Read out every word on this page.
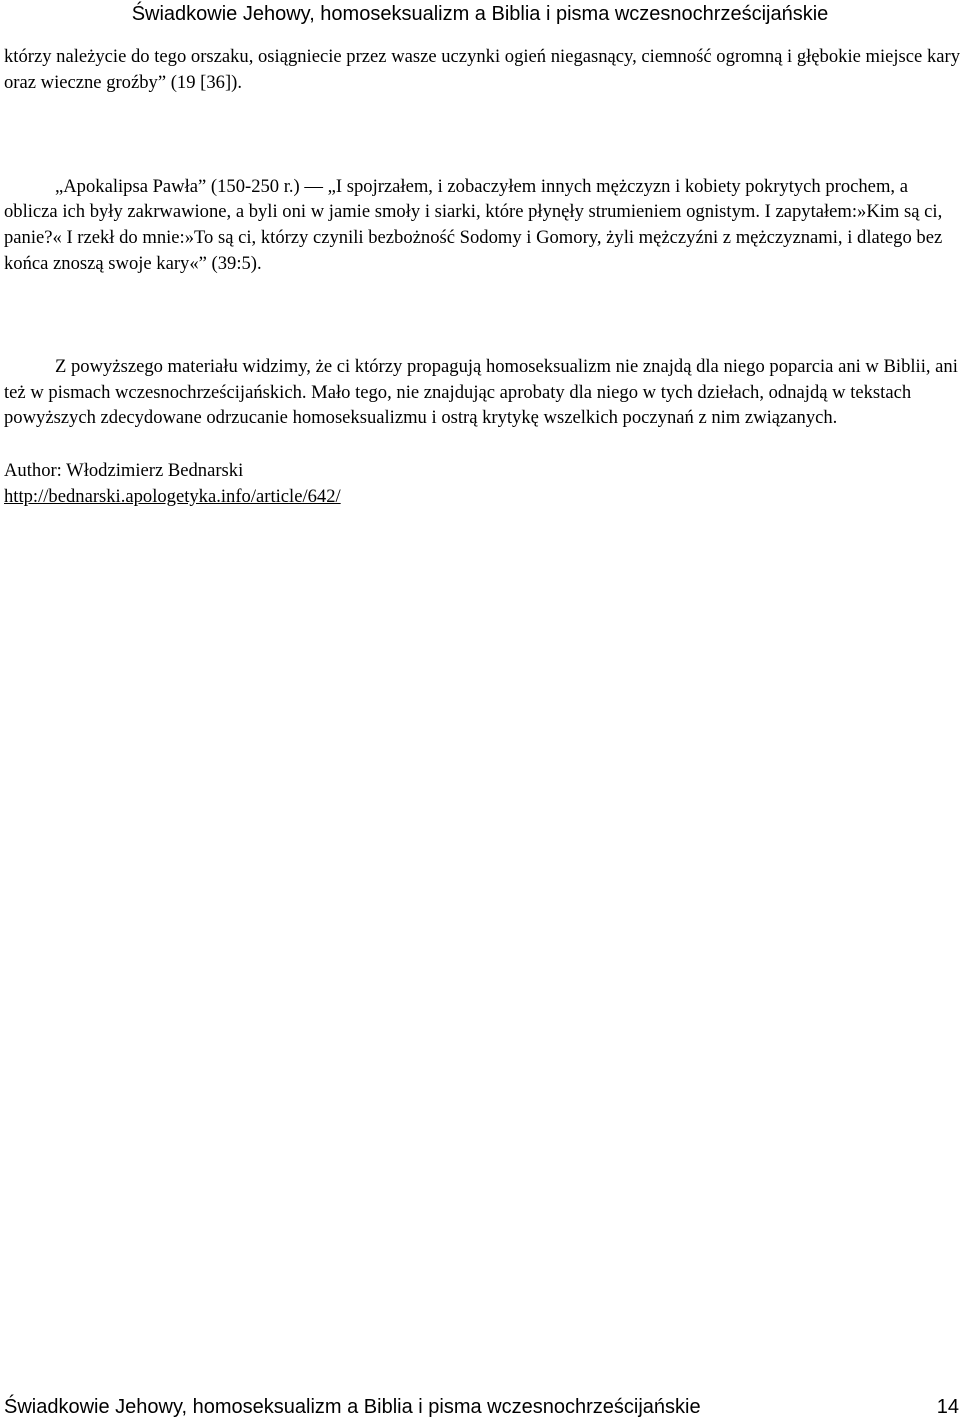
Świadkowie Jehowy, homoseksualizm a Biblia i pisma wczesnochrześcijańskie

którzy należycie do tego orszaku, osiągniecie przez wasze uczynki ogień niegasnący, ciemność ogromną i głębokie miejsce kary oraz wieczne groźby” (19 [36]).

„Apokalipsa Pawła” (150-250 r.) — „I spojrzałem, i zobaczyłem innych mężczyzn i kobiety pokrytych prochem, a oblicza ich były zakrwawione, a byli oni w jamie smoły i siarki, które płynęły strumieniem ognistym. I zapytałem:»Kim są ci, panie?« I rzekł do mnie:»To są ci, którzy czynili bezbożność Sodomy i Gomory, żyli mężczyźni z mężczyznami, i dlatego bez końca znoszą swoje kary«” (39:5).

Z powyższego materiału widzimy, że ci którzy propagują homoseksualizm nie znajdą dla niego poparcia ani w Biblii, ani też w pismach wczesnochrześcijańskich. Mało tego, nie znajdując aprobaty dla niego w tych dziełach, odnajdą w tekstach powyższych zdecydowane odrzucanie homoseksualizmu i ostrą krytykę wszelkich poczynań z nim związanych.

Author: Włodzimierz Bednarski
http://bednarski.apologetyka.info/article/642/

Świadkowie Jehowy, homoseksualizm a Biblia i pisma wczesnochrześcijańskie	14
